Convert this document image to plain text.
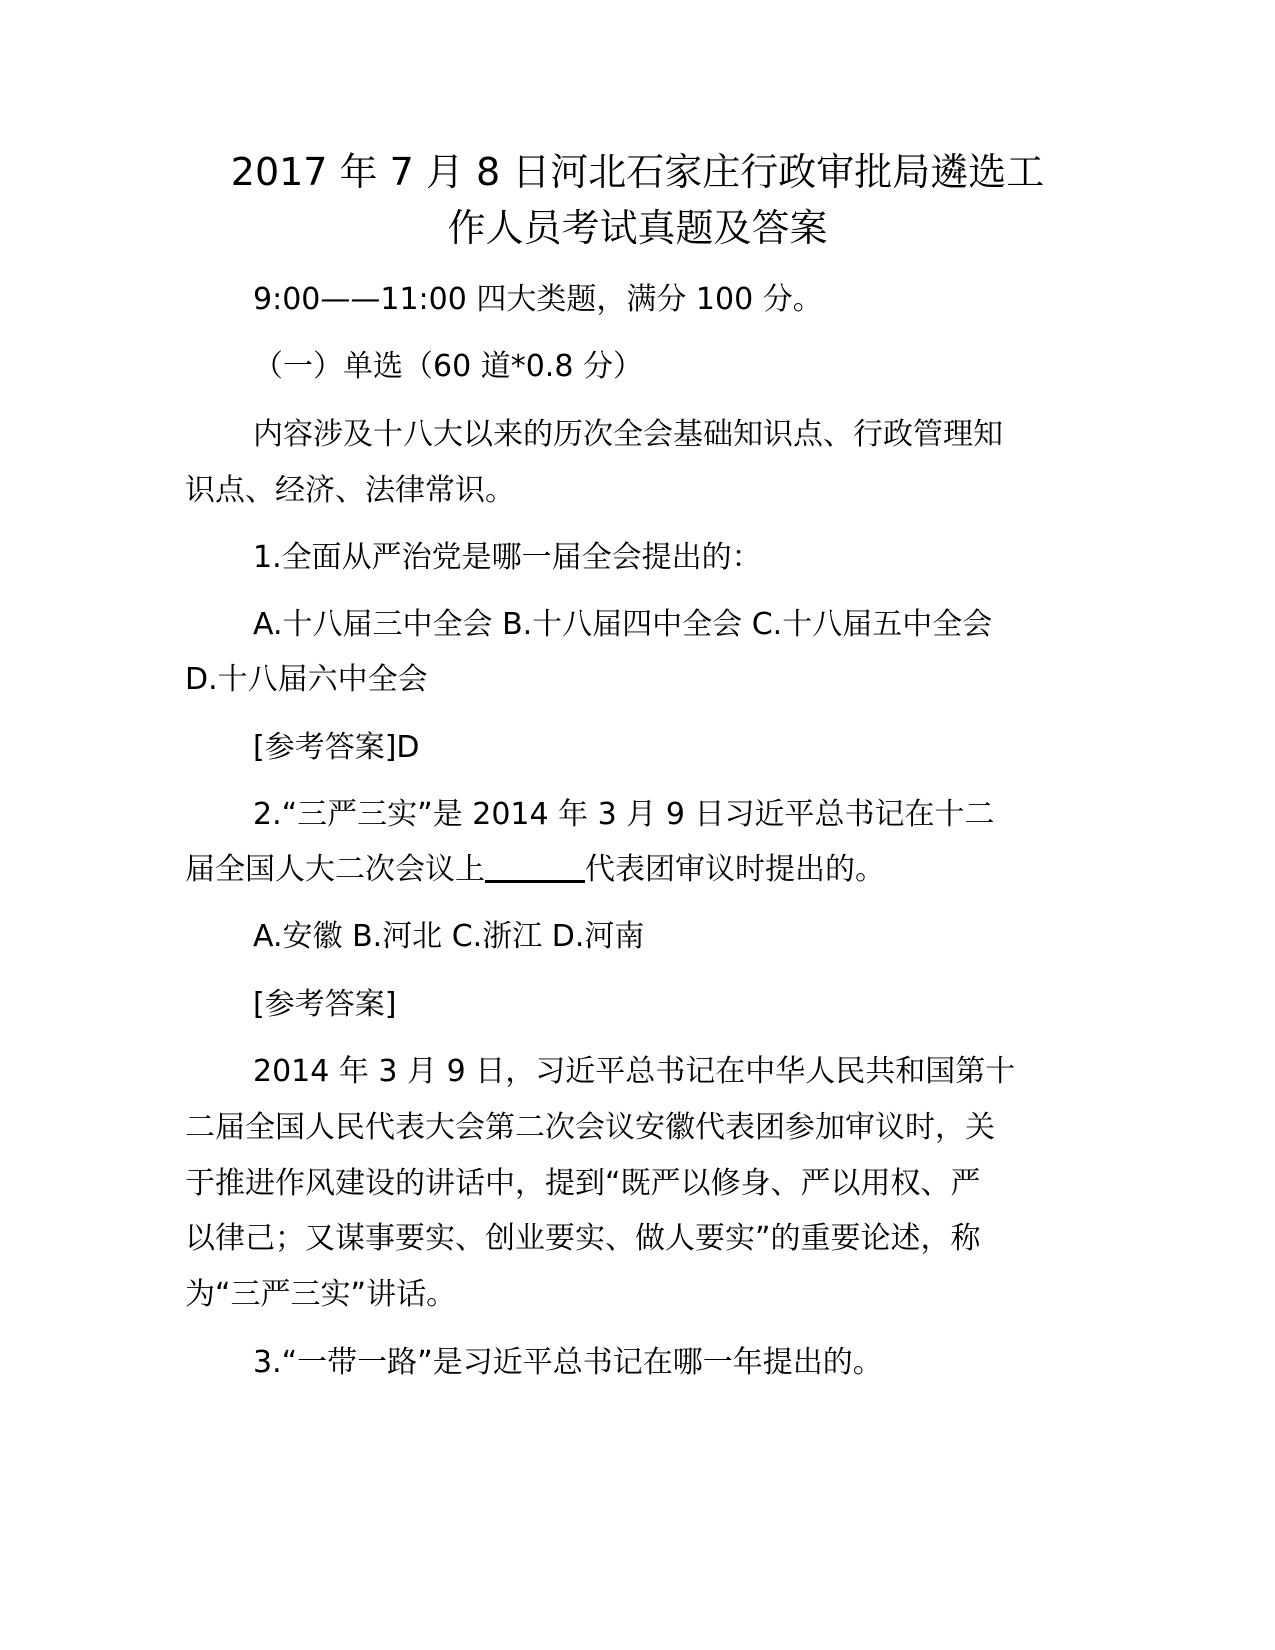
2017 年 7 月 8 日河北石家庄行政审批局遴选工
作人员考试真题及答案
9:00——11:00 四大类题，满分 100 分。
（一）单选（60 道*0.8 分）
内容涉及十八大以来的历次全会基础知识点、行政管理知
识点、经济、法律常识。
1.全面从严治党是哪一届全会提出的：
A.十八届三中全会 B.十八届四中全会 C.十八届五中全会
D.十八届六中全会
[参考答案]D
2.“三严三实”是 2014 年 3 月 9 日习近平总书记在十二
届全国人大二次会议上	代表团审议时提出的。
A.安徽 B.河北 C.浙江 D.河南
[参考答案]
2014 年 3 月 9 日，习近平总书记在中华人民共和国第十
二届全国人民代表大会第二次会议安徽代表团参加审议时，关
于推进作风建设的讲话中，提到“既严以修身、严以用权、严
以律己；又谋事要实、创业要实、做人要实”的重要论述，称
为“三严三实”讲话。
3.“一带一路”是习近平总书记在哪一年提出的。
